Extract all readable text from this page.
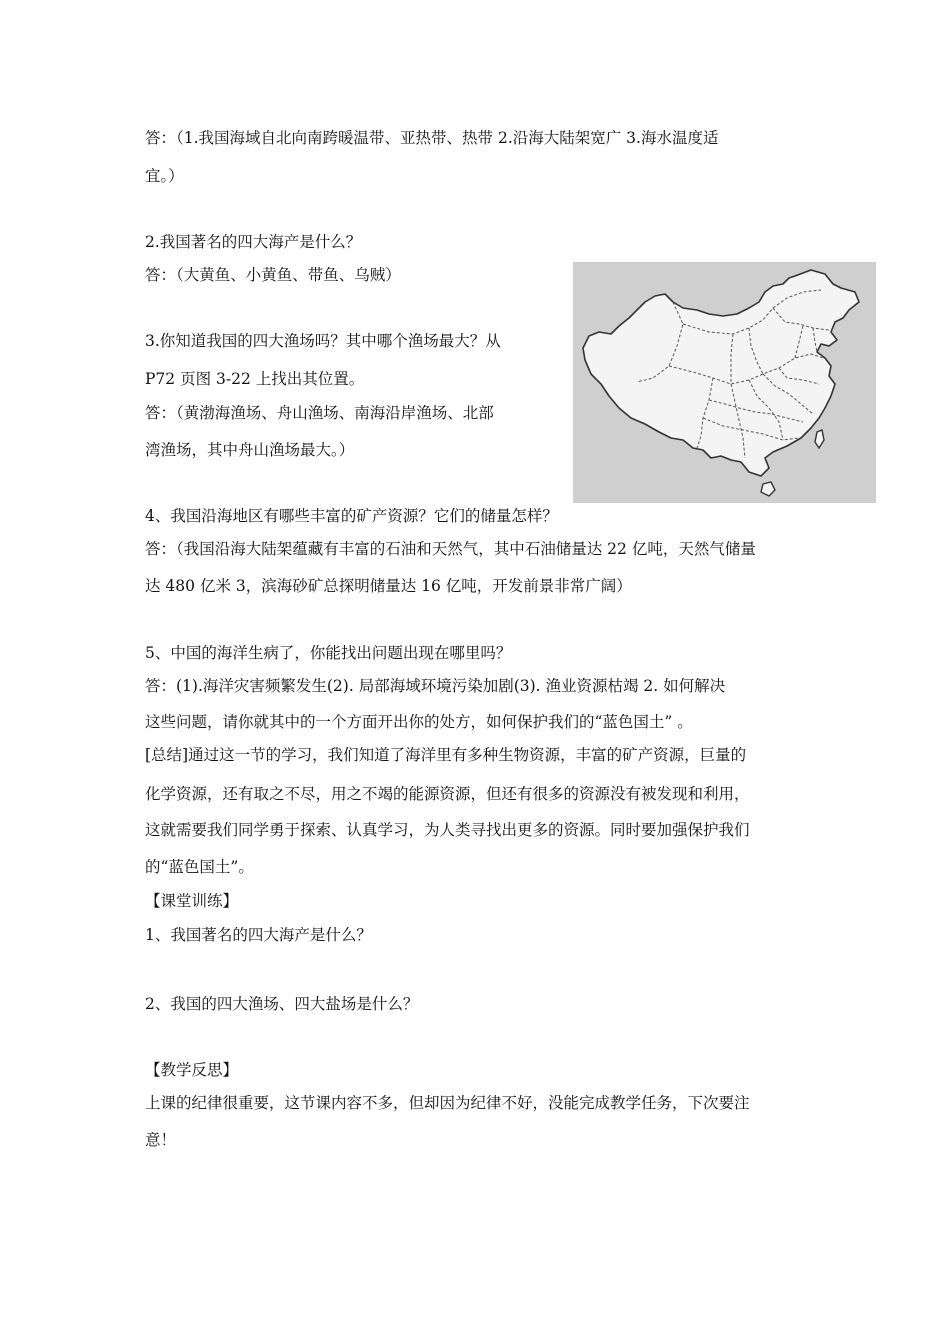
答：（1.我国海域自北向南跨暖温带、亚热带、热带 2.沿海大陆架宽广 3.海水温度适
宜。）
2.我国著名的四大海产是什么？
答：（大黄鱼、小黄鱼、带鱼、乌贼）
3.你知道我国的四大渔场吗？其中哪个渔场最大？从
P72 页图 3-22 上找出其位置。
答：（黄渤海渔场、舟山渔场、南海沿岸渔场、北部
湾渔场，其中舟山渔场最大。）
4、我国沿海地区有哪些丰富的矿产资源？它们的储量怎样？
答：（我国沿海大陆架蕴藏有丰富的石油和天然气，其中石油储量达 22 亿吨，天然气储量
达 480 亿米 3，滨海砂矿总探明储量达 16 亿吨，开发前景非常广阔）
5、中国的海洋生病了，你能找出问题出现在哪里吗？
答：(1).海洋灾害频繁发生(2). 局部海域环境污染加剧(3). 渔业资源枯竭 2. 如何解决
这些问题，请你就其中的一个方面开出你的处方，如何保护我们的“蓝色国土” 。
[总结]通过这一节的学习，我们知道了海洋里有多种生物资源，丰富的矿产资源，巨量的
化学资源，还有取之不尽，用之不竭的能源资源，但还有很多的资源没有被发现和利用，
这就需要我们同学勇于探索、认真学习，为人类寻找出更多的资源。同时要加强保护我们
的“蓝色国土”。
【课堂训练】
1、我国著名的四大海产是什么？
2、我国的四大渔场、四大盐场是什么？
【教学反思】
上课的纪律很重要，这节课内容不多，但却因为纪律不好，没能完成教学任务，下次要注
意！
